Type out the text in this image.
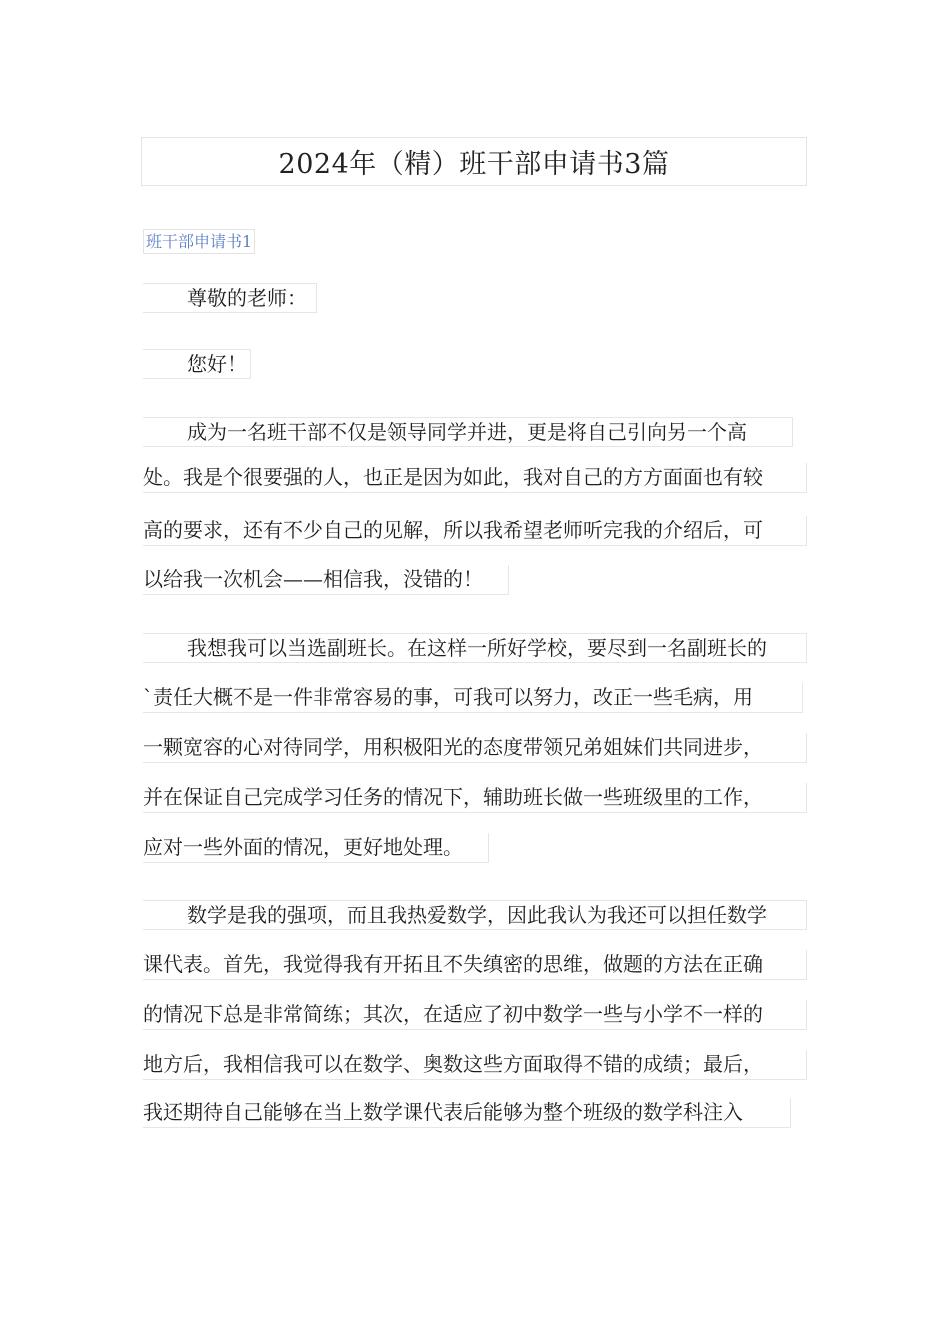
2024年（精）班干部申请书3篇
班干部申请书1
尊敬的老师：
您好！
成为一名班干部不仅是领导同学并进，更是将自己引向另一个高
处。我是个很要强的人，也正是因为如此，我对自己的方方面面也有较
高的要求，还有不少自己的见解，所以我希望老师听完我的介绍后，可
以给我一次机会——相信我，没错的！
我想我可以当选副班长。在这样一所好学校，要尽到一名副班长的
`责任大概不是一件非常容易的事，可我可以努力，改正一些毛病，用
一颗宽容的心对待同学，用积极阳光的态度带领兄弟姐妹们共同进步，
并在保证自己完成学习任务的情况下，辅助班长做一些班级里的工作，
应对一些外面的情况，更好地处理。
数学是我的强项，而且我热爱数学，因此我认为我还可以担任数学
课代表。首先，我觉得我有开拓且不失缜密的思维，做题的方法在正确
的情况下总是非常简练；其次，在适应了初中数学一些与小学不一样的
地方后，我相信我可以在数学、奥数这些方面取得不错的成绩；最后，
我还期待自己能够在当上数学课代表后能够为整个班级的数学科注入
